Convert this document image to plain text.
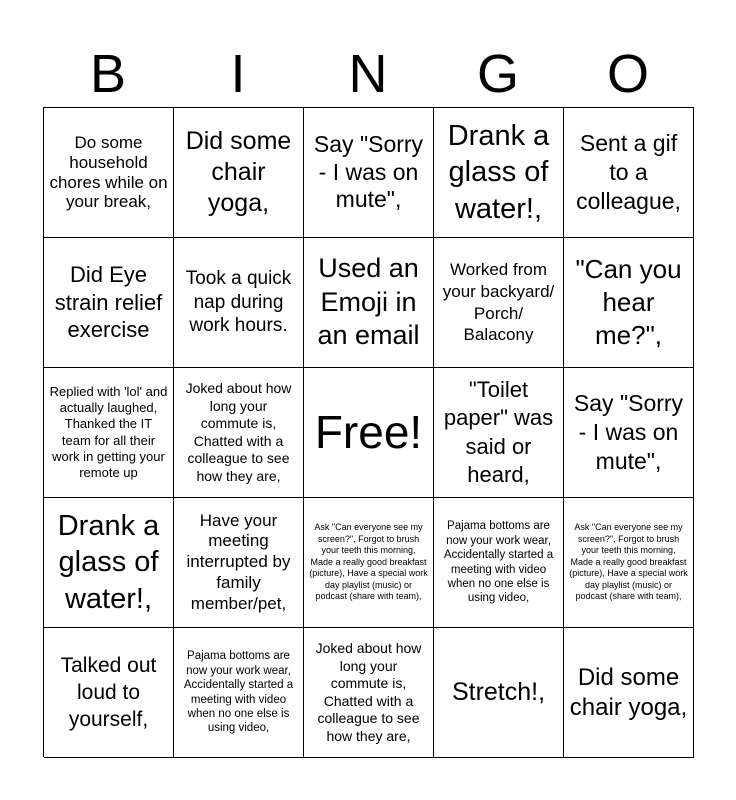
B	I	N	G	O
Do some household chores while on your break,
Did some chair yoga,
Say "Sorry - I was on mute",
Drank a glass of water!,
Sent a gif to a colleague,
Did Eye strain relief exercise
Took a quick nap during work hours.
Used an Emoji in an email
Worked from your backyard/ Porch/ Balacony
"Can you hear me?",
Replied with 'lol' and actually laughed, Thanked the IT team for all their work in getting your remote up
Joked about how long your commute is, Chatted with a colleague to see how they are,
Free!
"Toilet paper" was said or heard,
Say "Sorry - I was on mute",
Drank a glass of water!,
Have your meeting interrupted by family member/pet,
Ask "Can everyone see my screen?", Forgot to brush your teeth this morning, Made a really good breakfast (picture), Have a special work day playlist (music) or podcast (share with team),
Pajama bottoms are now your work wear, Accidentally started a meeting with video when no one else is using video,
Ask "Can everyone see my screen?", Forgot to brush your teeth this morning, Made a really good breakfast (picture), Have a special work day playlist (music) or podcast (share with team),
Talked out loud to yourself,
Pajama bottoms are now your work wear, Accidentally started a meeting with video when no one else is using video,
Joked about how long your commute is, Chatted with a colleague to see how they are,
Stretch!,
Did some chair yoga,
